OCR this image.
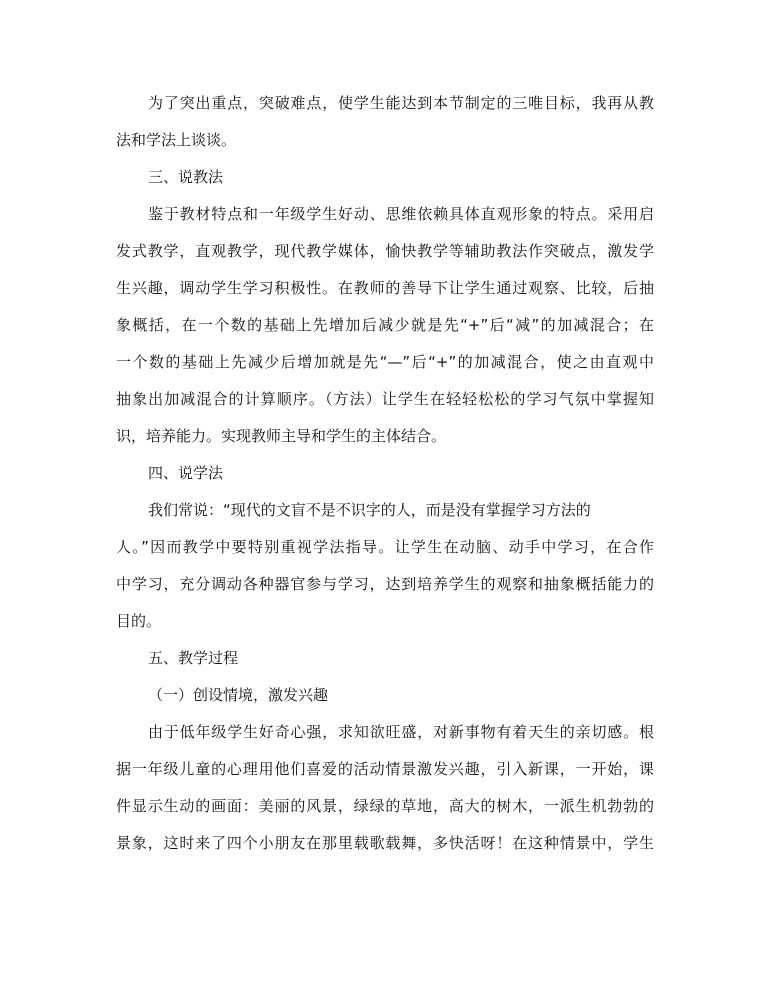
为了突出重点，突破难点，使学生能达到本节制定的三唯目标，我再从教
法和学法上谈谈。
三、说教法
鉴于教材特点和一年级学生好动、思维依赖具体直观形象的特点。采用启
发式教学，直观教学，现代教学媒体，愉快教学等辅助教法作突破点，激发学
生兴趣，调动学生学习积极性。在教师的善导下让学生通过观察、比较，后抽
象概括，在一个数的基础上先增加后减少就是先“+”后“减”的加减混合；在
一个数的基础上先减少后增加就是先“—”后“+”的加减混合，使之由直观中
抽象出加减混合的计算顺序。（方法）让学生在轻轻松松的学习气氛中掌握知
识，培养能力。实现教师主导和学生的主体结合。
四、说学法
我们常说：“现代的文盲不是不识字的人，而是没有掌握学习方法的
人。”因而教学中要特别重视学法指导。让学生在动脑、动手中学习，在合作
中学习，充分调动各种器官参与学习，达到培养学生的观察和抽象概括能力的
目的。
五、教学过程
（一）创设情境，激发兴趣
由于低年级学生好奇心强，求知欲旺盛，对新事物有着天生的亲切感。根
据一年级儿童的心理用他们喜爱的活动情景激发兴趣，引入新课，一开始，课
件显示生动的画面：美丽的风景，绿绿的草地，高大的树木，一派生机勃勃的
景象，这时来了四个小朋友在那里载歌载舞，多快活呀！在这种情景中，学生
